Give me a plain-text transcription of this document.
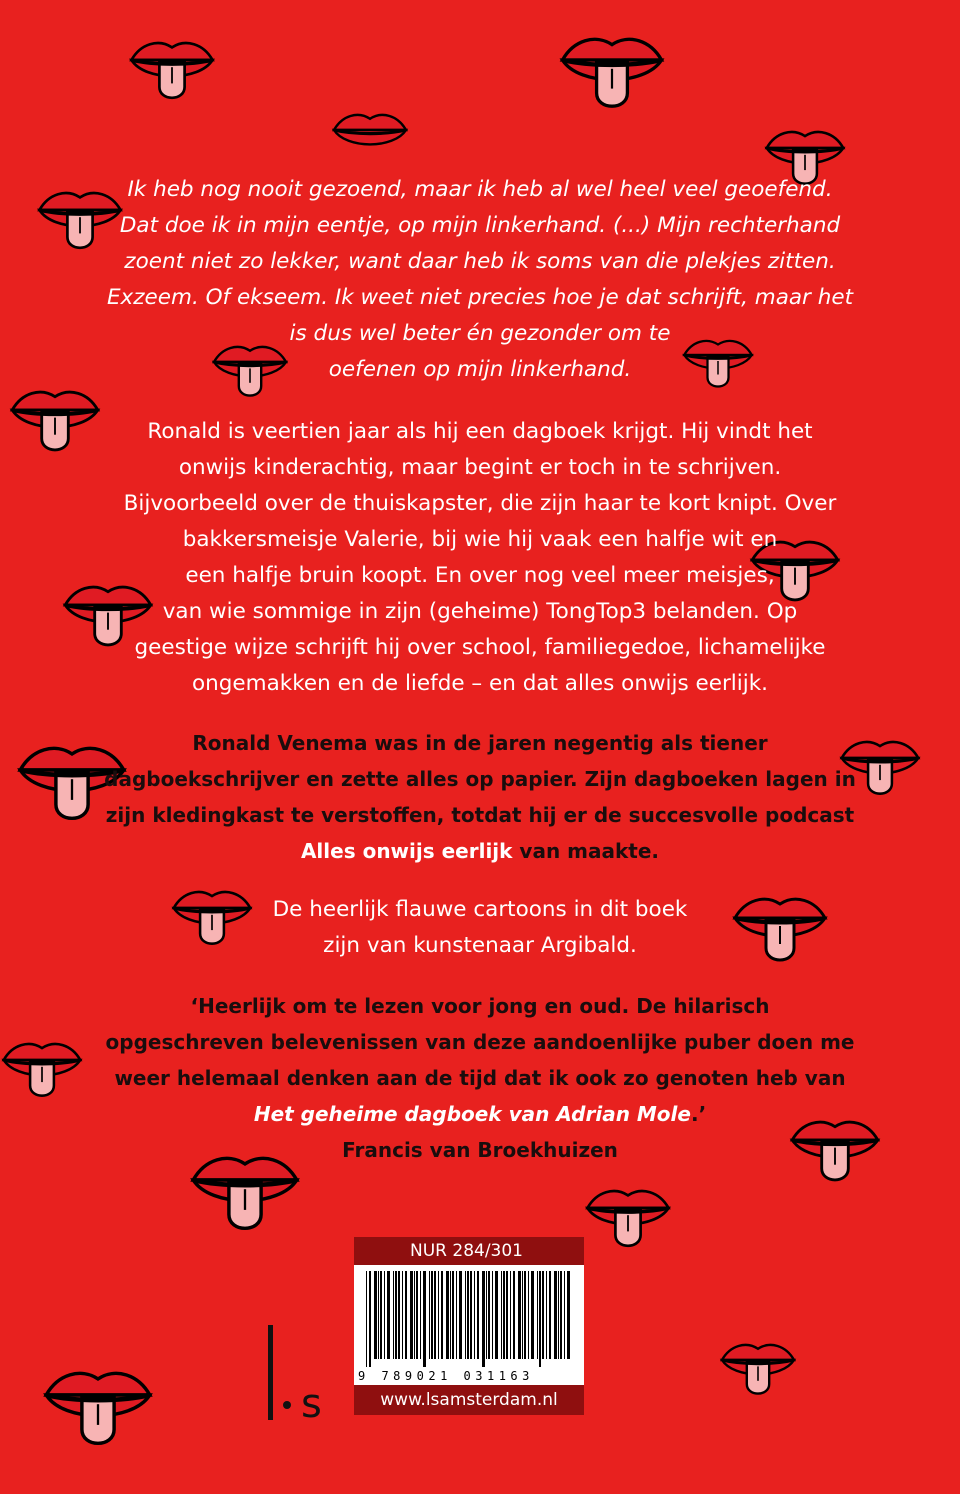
Ik heb nog nooit gezoend, maar ik heb al wel heel veel geoefend.
Dat doe ik in mijn eentje, op mijn linkerhand. (...) Mijn rechterhand
zoent niet zo lekker, want daar heb ik soms van die plekjes zitten.
Exzeem. Of ekseem. Ik weet niet precies hoe je dat schrijft, maar het
is dus wel beter én gezonder om te
oefenen op mijn linkerhand.
Ronald is veertien jaar als hij een dagboek krijgt. Hij vindt het
onwijs kinderachtig, maar begint er toch in te schrijven.
Bijvoorbeeld over de thuiskapster, die zijn haar te kort knipt. Over
bakkersmeisje Valerie, bij wie hij vaak een halfje wit en
een halfje bruin koopt. En over nog veel meer meisjes,
van wie sommige in zijn (geheime) TongTop3 belanden. Op
geestige wijze schrijft hij over school, familiegedoe, lichamelijke
ongemakken en de liefde – en dat alles onwijs eerlijk.
Ronald Venema was in de jaren negentig als tiener
dagboekschrijver en zette alles op papier. Zijn dagboeken lagen in
zijn kledingkast te verstoffen, totdat hij er de succesvolle podcast
Alles onwijs eerlijk van maakte.
De heerlijk flauwe cartoons in dit boek
zijn van kunstenaar Argibald.
‘Heerlijk om te lezen voor jong en oud. De hilarisch
opgeschreven belevenissen van deze aandoenlijke puber doen me
weer helemaal denken aan de tijd dat ik ook zo genoten heb van
Het geheime dagboek van Adrian Mole.’
Francis van Broekhuizen
NUR 284/301
9 789021 031163
www.lsamsterdam.nl
s
